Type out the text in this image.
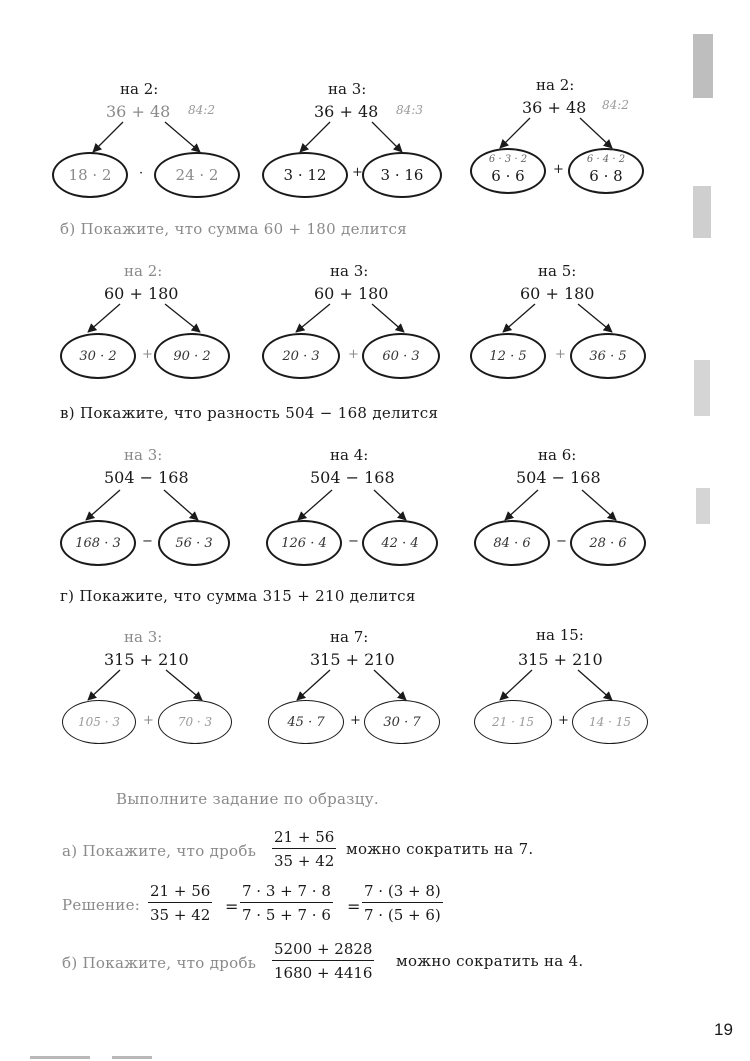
на 2:
36 + 48 84:2
18 · 2 · 24 · 2
на 3:
36 + 48 84:3
3 · 12 + 3 · 16
на 2:
36 + 48 84:2
6 · 3 · 2
6 · 6 +
6 · 4 · 2
6 · 8
б) Покажите, что сумма 60 + 180 делится
на 2:
60 + 180
30 · 2 + 90 · 2
на 3:
60 + 180
20 · 3 + 60 · 3
на 5:
60 + 180
12 · 5 + 36 · 5
в) Покажите, что разность 504 − 168 делится
на 3:
504 − 168
168 · 3 − 56 · 3
на 4:
504 − 168
126 · 4 − 42 · 4
на 6:
504 − 168
84 · 6 − 28 · 6
г) Покажите, что сумма 315 + 210 делится
на 3:
315 + 210
105 · 3 + 70 · 3
на 7:
315 + 210
45 · 7 + 30 · 7
на 15:
315 + 210
21 · 15 + 14 · 15
Выполните задание по образцу.
а) Покажите, что дробь $\frac{21 + 56}{35 + 42}$ можно сократить на 7.
Решение: $\frac{21 + 56}{35 + 42} = \frac{7 \cdot 3 + 7 \cdot 8}{7 \cdot 5 + 7 \cdot 6} = \frac{7 \cdot (3 + 8)}{7 \cdot (5 + 6)}$
б) Покажите, что дробь $\frac{5200 + 2828}{1680 + 4416}$ можно сократить на 4.
19
